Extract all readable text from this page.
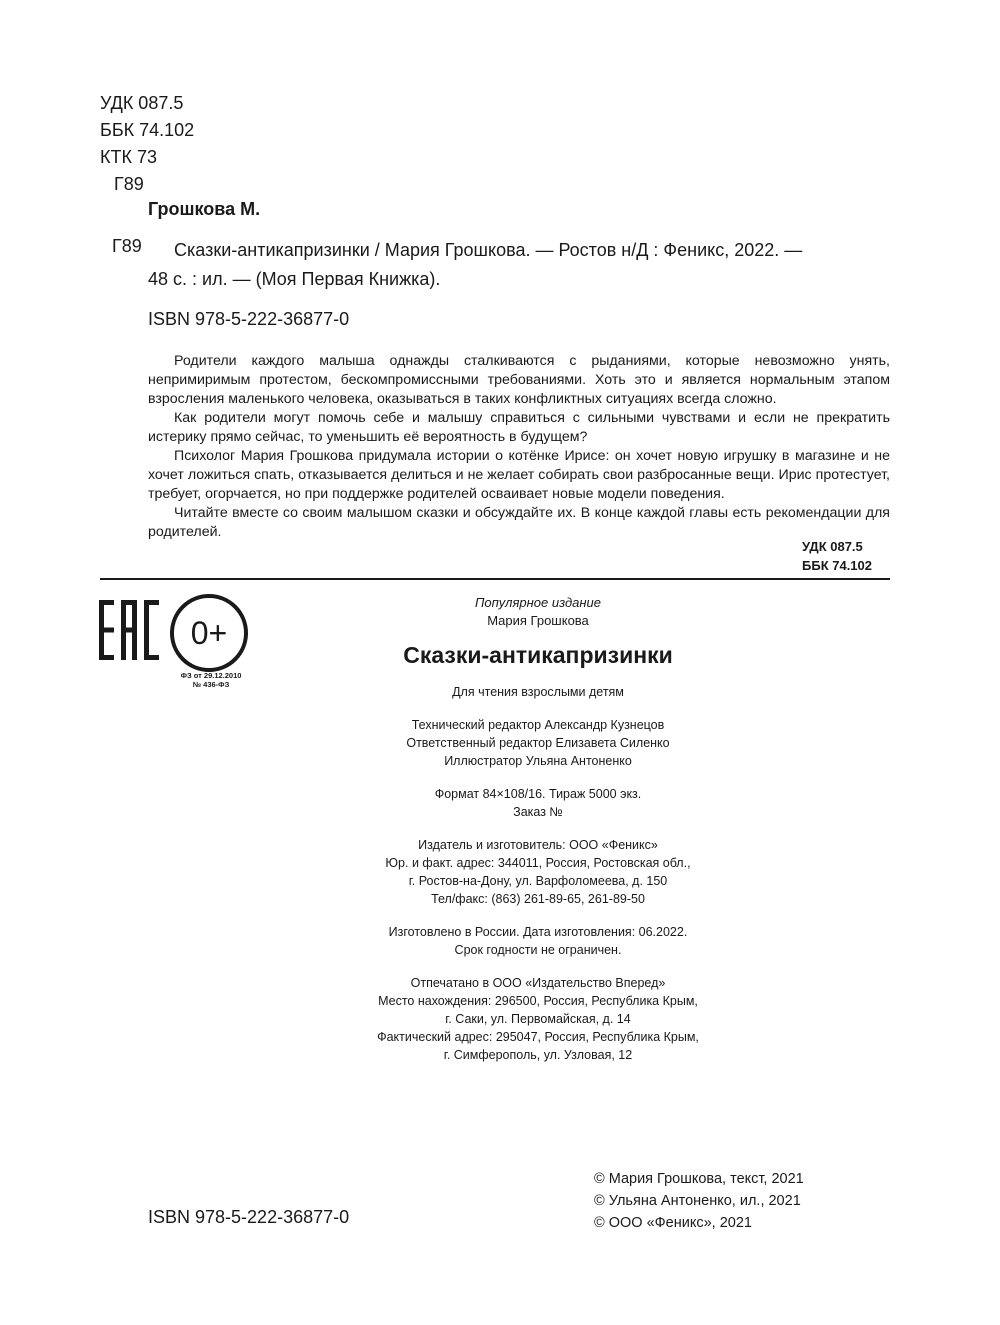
УДК 087.5
ББК 74.102
КТК 73
Г89
Грошкова М.
Г89 Сказки-антикапризинки / Мария Грошкова. — Ростов н/Д : Феникс, 2022. —
48 с. : ил. — (Моя Первая Книжка).
ISBN 978-5-222-36877-0

Родители каждого малыша однажды сталкиваются с рыданиями, которые невозможно унять, непримиримым протестом, бескомпромиссными требованиями. Хоть это и является нормальным этапом взросления маленького человека, оказываться в таких конфликтных ситуациях всегда сложно.

Как родители могут помочь себе и малышу справиться с сильными чувствами и если не прекратить истерику прямо сейчас, то уменьшить её вероятность в будущем?

Психолог Мария Грошкова придумала истории о котёнке Ирисе: он хочет новую игрушку в магазине и не хочет ложиться спать, отказывается делиться и не желает собирать свои разбросанные вещи. Ирис протестует, требует, огорчается, но при поддержке родителей осваивает новые модели поведения.

Читайте вместе со своим малышом сказки и обсуждайте их. В конце каждой главы есть рекомендации для родителей.

УДК 087.5
ББК 74.102
0+
ФЗ от 29.12.2010
№ 436-ФЗ
Популярное издание
Мария Грошкова
Сказки-антикапризинки
Для чтения взрослыми детям
Технический редактор Александр Кузнецов
Ответственный редактор Елизавета Силенко
Иллюстратор Ульяна Антоненко
Формат 84×108/16. Тираж 5000 экз.
Заказ №
Издатель и изготовитель: ООО «Феникс»
Юр. и факт. адрес: 344011, Россия, Ростовская обл.,
г. Ростов-на-Дону, ул. Варфоломеева, д. 150
Тел/факс: (863) 261-89-65, 261-89-50
Изготовлено в России. Дата изготовления: 06.2022.
Срок годности не ограничен.
Отпечатано в ООО «Издательство Вперед»
Место нахождения: 296500, Россия, Республика Крым,
г. Саки, ул. Первомайская, д. 14
Фактический адрес: 295047, Россия, Республика Крым,
г. Симферополь, ул. Узловая, 12
© Мария Грошкова, текст, 2021
© Ульяна Антоненко, ил., 2021
© ООО «Феникс», 2021
ISBN 978-5-222-36877-0
